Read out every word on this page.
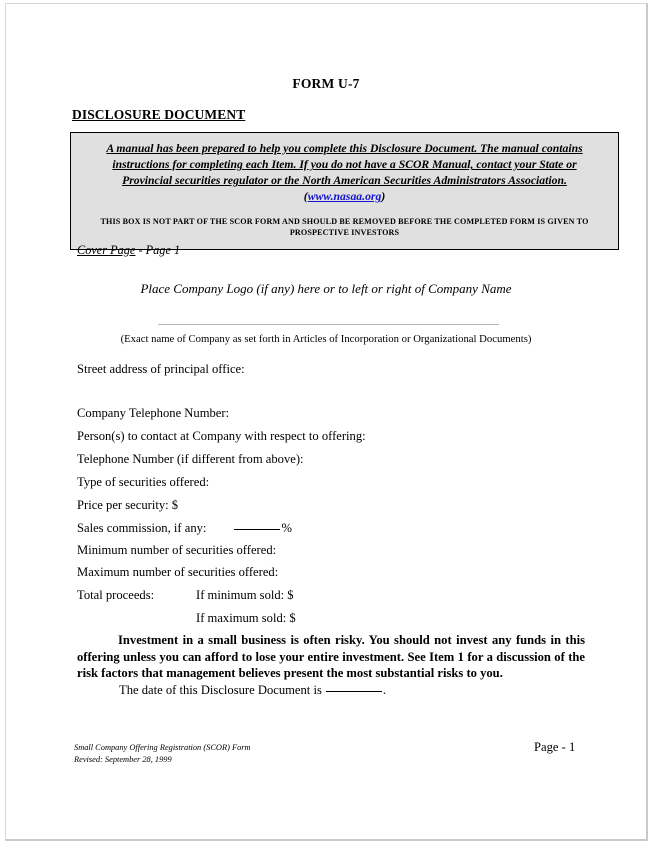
FORM U-7
DISCLOSURE DOCUMENT
A manual has been prepared to help you complete this Disclosure Document. The manual contains
instructions for completing each Item. If you do not have a SCOR Manual, contact your State or
Provincial securities regulator or the North American Securities Administrators Association.
(www.nasaa.org)
THIS BOX IS NOT PART OF THE SCOR FORM AND SHOULD BE REMOVED BEFORE THE COMPLETED FORM IS GIVEN TO
PROSPECTIVE INVESTORS
Cover Page - Page 1
Place Company Logo (if any) here or to left or right of Company Name
(Exact name of Company as set forth in Articles of Incorporation or Organizational Documents)
Street address of principal office:
Company Telephone Number:
Person(s) to contact at Company with respect to offering:
Telephone Number (if different from above):
Type of securities offered:
Price per security: $
Sales commission, if any:	%
Minimum number of securities offered:
Maximum number of securities offered:
Total proceeds:	If minimum sold: $
If maximum sold: $
Investment in a small business is often risky. You should not invest any funds in this offering unless you can afford to lose your entire investment. See Item 1 for a discussion of the risk factors that management believes present the most substantial risks to you.
The date of this Disclosure Document is	.
Small Company Offering Registration (SCOR) Form
Revised: September 28, 1999
Page - 1
